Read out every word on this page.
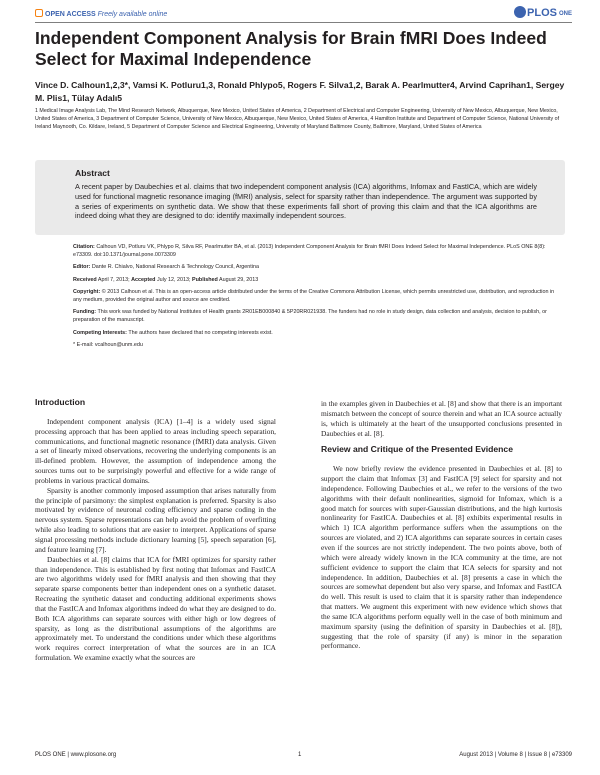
OPEN ACCESS Freely available online	PLOS ONE
Independent Component Analysis for Brain fMRI Does Indeed Select for Maximal Independence
Vince D. Calhoun1,2,3*, Vamsi K. Potluru1,3, Ronald Phlypo5, Rogers F. Silva1,2, Barak A. Pearlmutter4, Arvind Caprihan1, Sergey M. Plis1, Tülay Adalı5
1 Medical Image Analysis Lab, The Mind Research Network, Albuquerque, New Mexico, United States of America, 2 Department of Electrical and Computer Engineering, University of New Mexico, Albuquerque, New Mexico, United States of America, 3 Department of Computer Science, University of New Mexico, Albuquerque, New Mexico, United States of America, 4 Hamilton Institute and Department of Computer Science, National University of Ireland Maynooth, Co. Kildare, Ireland, 5 Department of Computer Science and Electrical Engineering, University of Maryland Baltimore County, Baltimore, Maryland, United States of America
Abstract

A recent paper by Daubechies et al. claims that two independent component analysis (ICA) algorithms, Infomax and FastICA, which are widely used for functional magnetic resonance imaging (fMRI) analysis, select for sparsity rather than independence. The argument was supported by a series of experiments on synthetic data. We show that these experiments fall short of proving this claim and that the ICA algorithms are indeed doing what they are designed to do: identify maximally independent sources.

Citation: Calhoun VD, Potluru VK, Phlypo R, Silva RF, Pearlmutter BA, et al. (2013) Independent Component Analysis for Brain fMRI Does Indeed Select for Maximal Independence. PLoS ONE 8(8): e73309. doi:10.1371/journal.pone.0073309

Editor: Dante R. Chialvo, National Research & Technology Council, Argentina

Received April 7, 2013; Accepted July 12, 2013; Published August 29, 2013

Copyright: © 2013 Calhoun et al. This is an open-access article distributed under the terms of the Creative Commons Attribution License, which permits unrestricted use, distribution, and reproduction in any medium, provided the original author and source are credited.

Funding: This work was funded by National Institutes of Health grants 2R01EB000840 & 5P20RR021938. The funders had no role in study design, data collection and analysis, decision to publish, or preparation of the manuscript.

Competing Interests: The authors have declared that no competing interests exist.

* E-mail: vcalhoun@unm.edu

Introduction

Independent component analysis (ICA) [1–4] is a widely used signal processing approach that has been applied to areas including speech separation, communications, and functional magnetic resonance (fMRI) data analysis. Given a set of linearly mixed observations, recovering the underlying components is an ill-defined problem. However, the assumption of independence among the sources turns out to be surprisingly powerful and effective for a wide range of problems in various practical domains.

Sparsity is another commonly imposed assumption that arises naturally from the principle of parsimony: the simplest explanation is preferred. Sparsity is also motivated by evidence of neuronal coding efficiency and sparse coding in the nervous system. Sparse representations can help avoid the problem of overfitting while also leading to solutions that are easier to interpret. Applications of sparse signal processing methods include dictionary learning [5], speech separation [6], and feature learning [7].

Daubechies et al. [8] claims that ICA for fMRI optimizes for sparsity rather than independence. This is established by first noting that Infomax and FastICA are two algorithms widely used for fMRI analysis and then showing that they separate sparse components better than independent ones on a synthetic dataset. Recreating the synthetic dataset and conducting additional experiments shows that the FastICA and Infomax algorithms indeed do what they are designed to do. Both ICA algorithms can separate sources with either high or low degrees of sparsity, as long as the distributional assumptions of the algorithms are approximately met. To understand the conditions under which these algorithms work requires correct interpretation of what the sources are in an ICA formulation. We examine exactly what the sources are

in the examples given in Daubechies et al. [8] and show that there is an important mismatch between the concept of source therein and what an ICA source actually is, which is ultimately at the heart of the unsupported conclusions presented in Daubechies et al. [8].

Review and Critique of the Presented Evidence

We now briefly review the evidence presented in Daubechies et al. [8] to support the claim that Infomax [3] and FastICA [9] select for sparsity and not independence. Following Daubechies et al., we refer to the versions of the two algorithms with their default nonlinearities, sigmoid for Infomax, which is a good match for sources with super-Gaussian distributions, and the high kurtosis nonlinearity for FastICA. Daubechies et al. [8] exhibits experimental results in which 1) ICA algorithm performance suffers when the assumptions on the sources are violated, and 2) ICA algorithms can separate sources in certain cases even if the sources are not strictly independent. The two points above, both of which were already widely known in the ICA community at the time, are not sufficient evidence to support the claim that ICA selects for sparsity and not independence. In addition, Daubechies et al. [8] presents a case in which the sources are somewhat dependent but also very sparse, and Infomax and FastICA do well. This result is used to claim that it is sparsity rather than independence that matters. We augment this experiment with new evidence which shows that the same ICA algorithms perform equally well in the case of both minimum and maximum sparsity (using the definition of sparsity in Daubechies et al. [8]), suggesting that the role of sparsity (if any) is minor in the separation performance.

PLOS ONE | www.plosone.org	1	August 2013 | Volume 8 | Issue 8 | e73309
